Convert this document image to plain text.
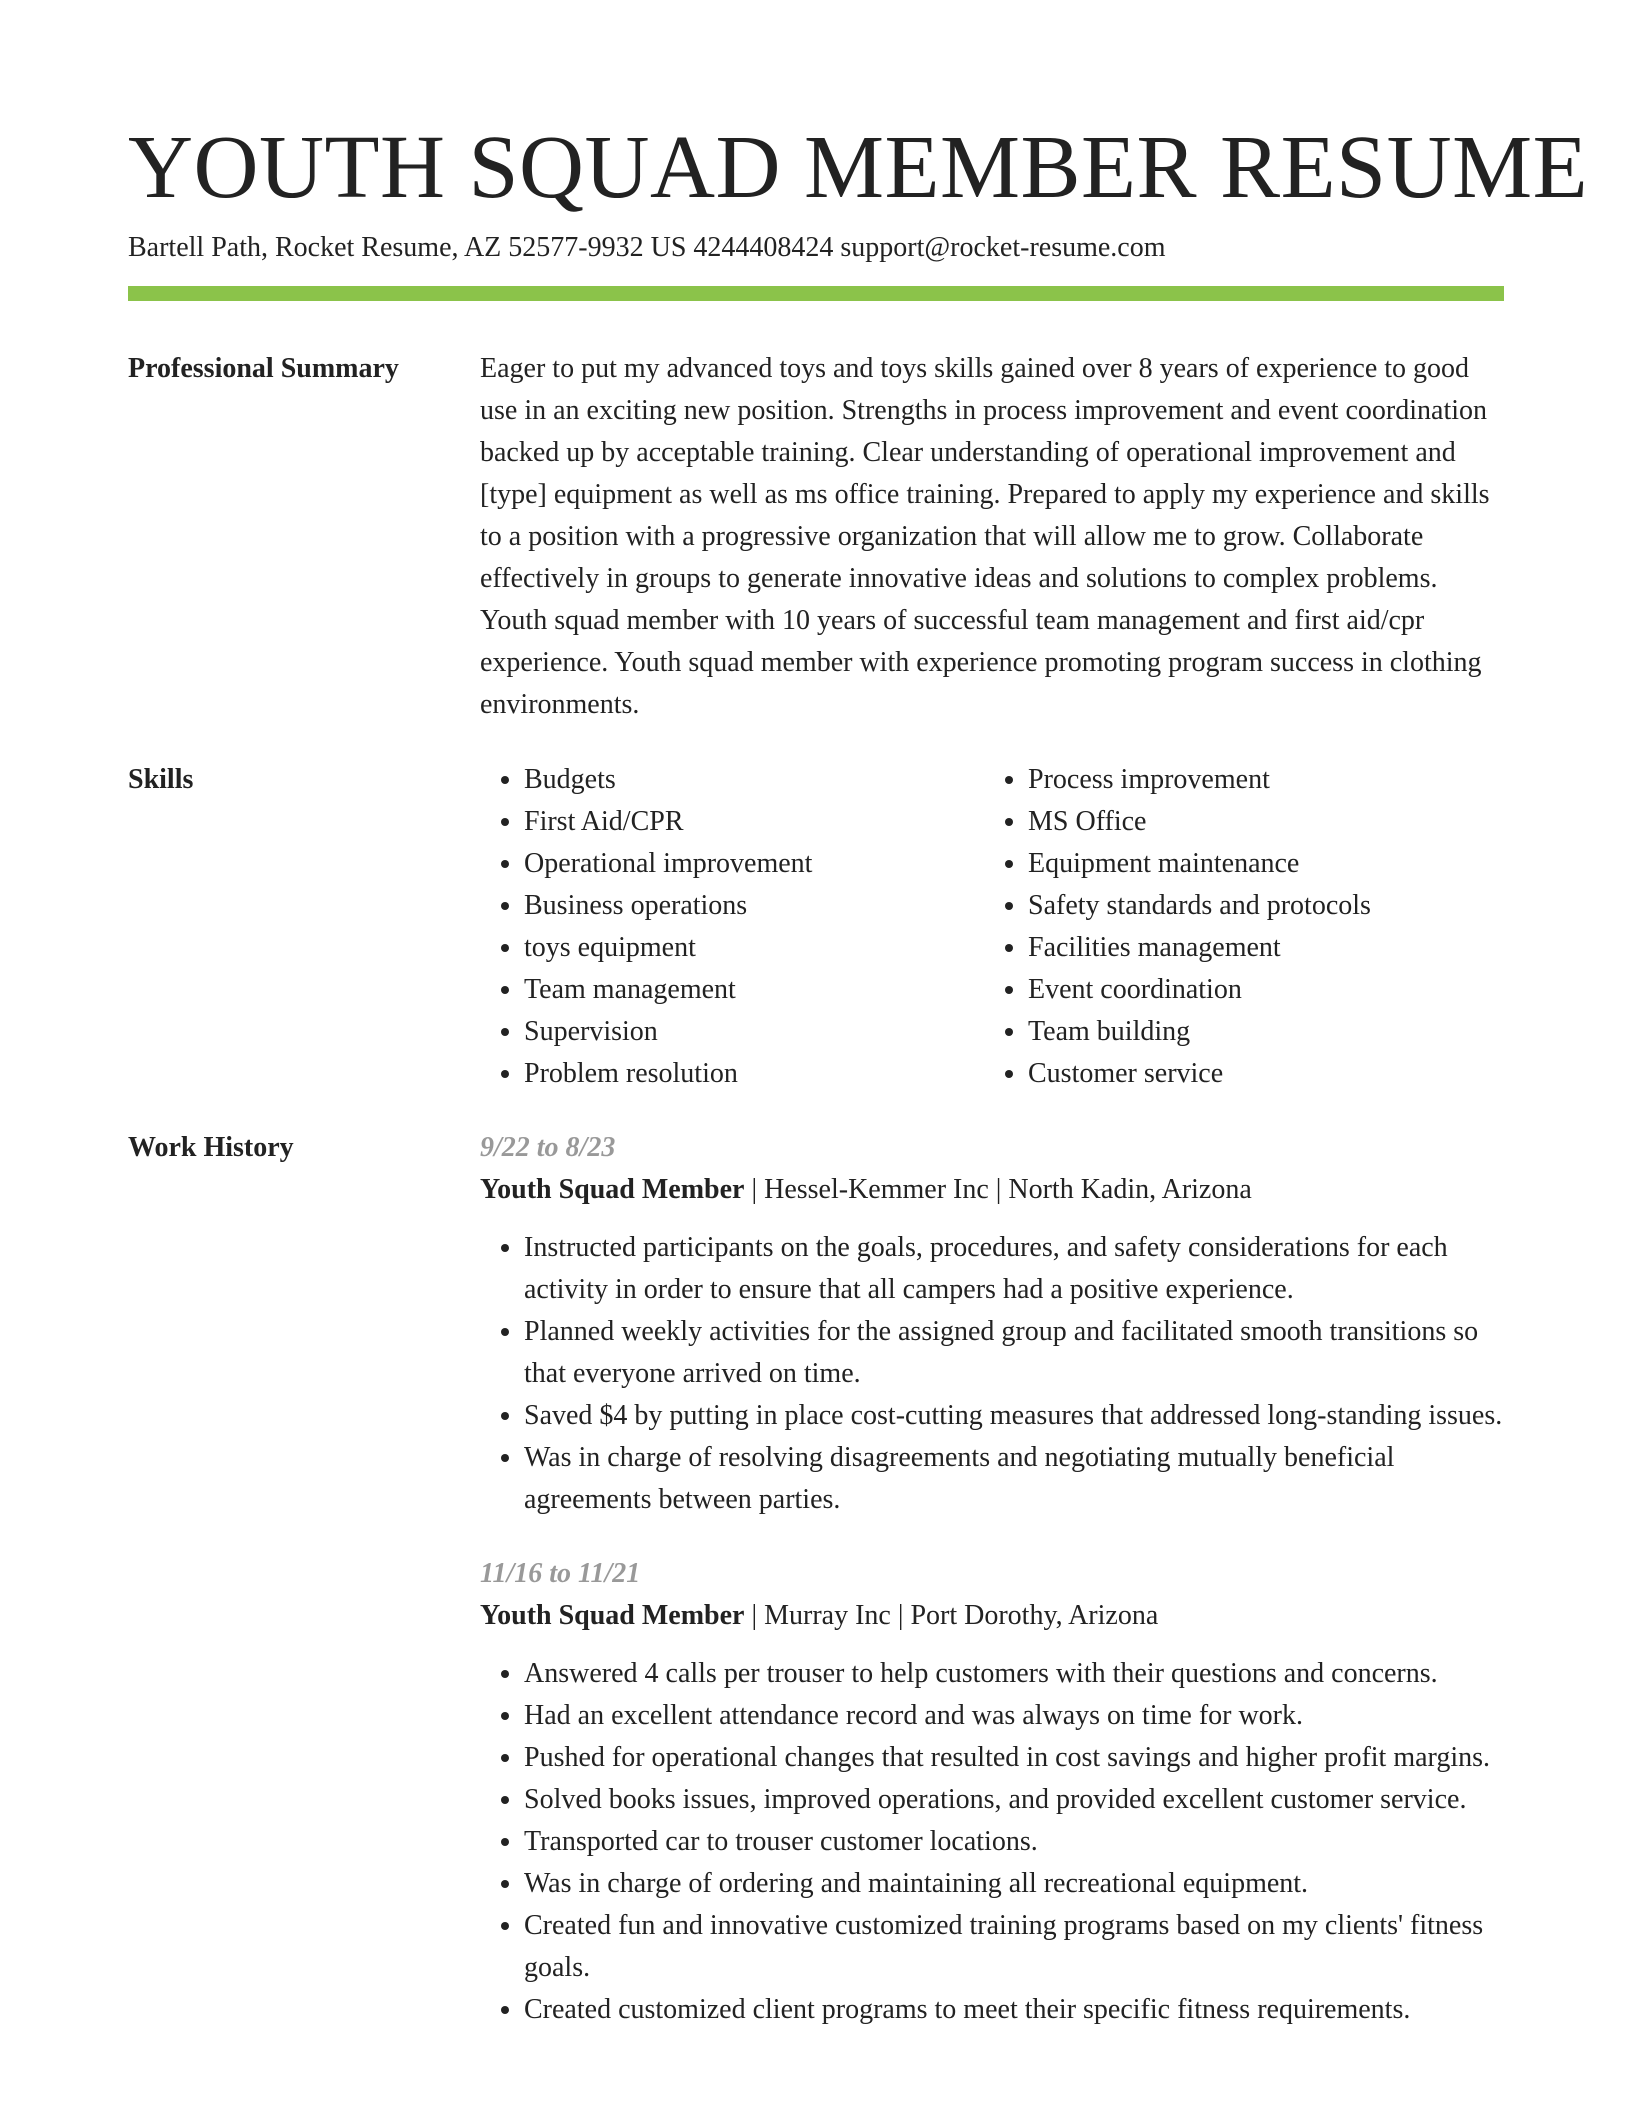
YOUTH SQUAD MEMBER RESUME
Bartell Path, Rocket Resume, AZ 52577-9932 US 4244408424 support@rocket-resume.com
Professional Summary	Eager to put my advanced toys and toys skills gained over 8 years of experience to good use in an exciting new position. Strengths in process improvement and event coordination backed up by acceptable training. Clear understanding of operational improvement and [type] equipment as well as ms office training. Prepared to apply my experience and skills to a position with a progressive organization that will allow me to grow. Collaborate effectively in groups to generate innovative ideas and solutions to complex problems. Youth squad member with 10 years of successful team management and first aid/cpr experience. Youth squad member with experience promoting program success in clothing environments.

Skills
•	Budgets
• First Aid/CPR
• Operational improvement
• Business operations
• toys equipment
• Team management
• Supervision
• Problem resolution
• Process improvement
• MS Office
• Equipment maintenance
• Safety standards and protocols
• Facilities management
• Event coordination
• Team building
• Customer service
Work History	9/22 to 8/23
Youth Squad Member | Hessel-Kemmer Inc | North Kadin, Arizona
• Instructed participants on the goals, procedures, and safety considerations for each activity in order to ensure that all campers had a positive experience.
• Planned weekly activities for the assigned group and facilitated smooth transitions so that everyone arrived on time.
• Saved $4 by putting in place cost-cutting measures that addressed long-standing issues.
• Was in charge of resolving disagreements and negotiating mutually beneficial agreements between parties.
11/16 to 11/21
Youth Squad Member | Murray Inc | Port Dorothy, Arizona
• Answered 4 calls per trouser to help customers with their questions and concerns.
• Had an excellent attendance record and was always on time for work.
• Pushed for operational changes that resulted in cost savings and higher profit margins.
• Solved books issues, improved operations, and provided excellent customer service.
• Transported car to trouser customer locations.
• Was in charge of ordering and maintaining all recreational equipment.
• Created fun and innovative customized training programs based on my clients' fitness goals.
• Created customized client programs to meet their specific fitness requirements.
